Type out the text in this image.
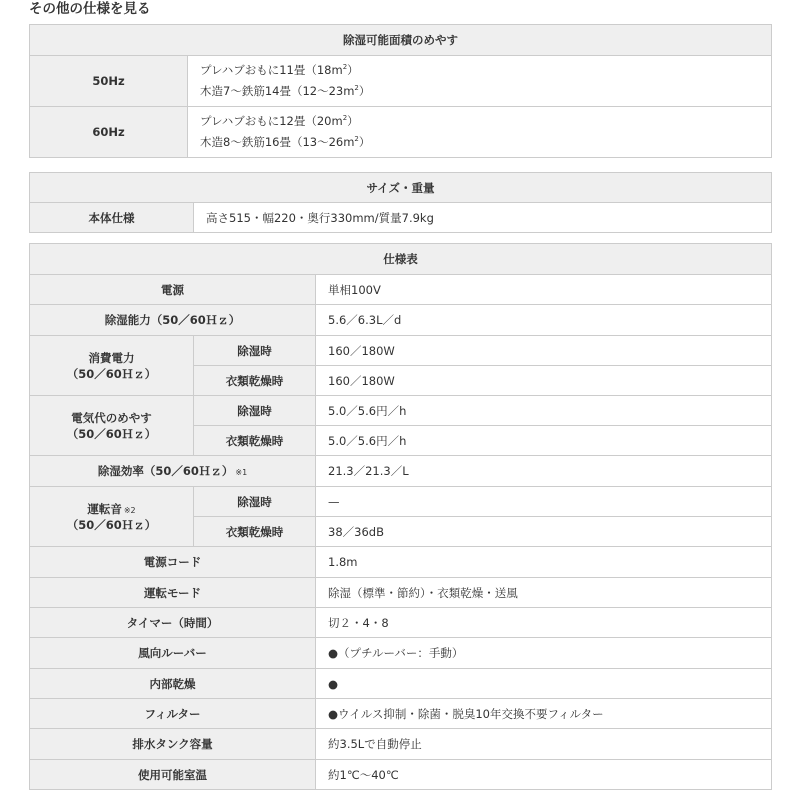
その他の仕様を見る
除湿可能面積のめやす	
50Hz	プレハブおもに11畳$(18m^2)$
木造7〜鉄筋14畳（12〜$23m^2$）
60Hz	プレハブおもに12畳$(20m^2)$
木造8〜鉄筋16畳（13〜$26m^2$）
サイズ・重量
本体仕様	高さ515・幅220・奥行330mm/質量7.9kg
仕様表		
電源		単相100V
除湿能力（50／60Ｈｚ）		5.6／6.3L／d
消費電力
（50／60Ｈｚ）	除湿時	160／180W
	衣類乾燥時	160／180W
電気代のめやす
（50／60Ｈｚ）	除湿時	5.0／5.6円／h
	衣類乾燥時	5.0／5.6円／h
除湿効率（50／60Ｈｚ） ※1		21.3／21.3／L
運転音 ※2
（50／60Ｈｚ）	除湿時	—
	衣類乾燥時	38／36dB
電源コード		1.8m
運転モード		除湿（標準・節約）・衣類乾燥・送風
タイマー（時間）		切２・4・8
風向ルーバー		●（プチルーバー：手動）
内部乾燥		●
フィルター		●ウイルス抑制・除菌・脱臭10年交換不要フィルター
排水タンク容量		約3.5Lで自動停止
使用可能室温		約1℃〜40℃
